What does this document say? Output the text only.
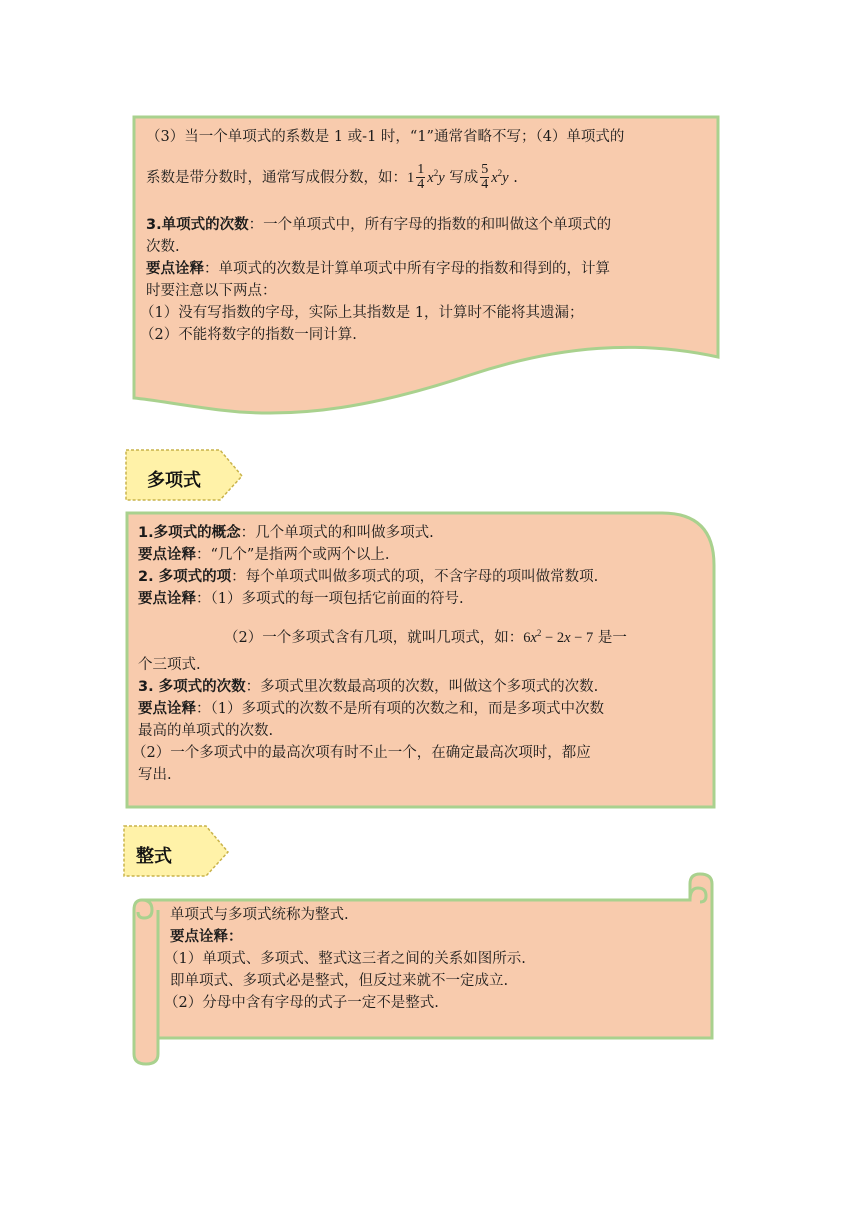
（3）当一个单项式的系数是 1 或-1 时，“1”通常省略不写；（4）单项式的
系数是带分数时，通常写成假分数，如：$1 \frac{1}{4} x^2y$ 写成 $\frac{5}{4} x^2y$ .
3.单项式的次数：一个单项式中，所有字母的指数的和叫做这个单项式的
次数.
要点诠释：单项式的次数是计算单项式中所有字母的指数和得到的，计算
时要注意以下两点：
（1）没有写指数的字母，实际上其指数是 1，计算时不能将其遗漏；
（2）不能将数字的指数一同计算.
多项式
1.多项式的概念：几个单项式的和叫做多项式.
要点诠释：“几个”是指两个或两个以上.
2. 多项式的项：每个单项式叫做多项式的项，不含字母的项叫做常数项.
要点诠释：（1）多项式的每一项包括它前面的符号.
（2）一个多项式含有几项，就叫几项式，如：$6x^2 - 2x - 7$ 是一
个三项式.
3. 多项式的次数：多项式里次数最高项的次数，叫做这个多项式的次数.
要点诠释：（1）多项式的次数不是所有项的次数之和，而是多项式中次数
最高的单项式的次数.
（2）一个多项式中的最高次项有时不止一个，在确定最高次项时，都应
写出.
整式
单项式与多项式统称为整式.
要点诠释：
（1）单项式、多项式、整式这三者之间的关系如图所示.
即单项式、多项式必是整式，但反过来就不一定成立.
（2）分母中含有字母的式子一定不是整式.
